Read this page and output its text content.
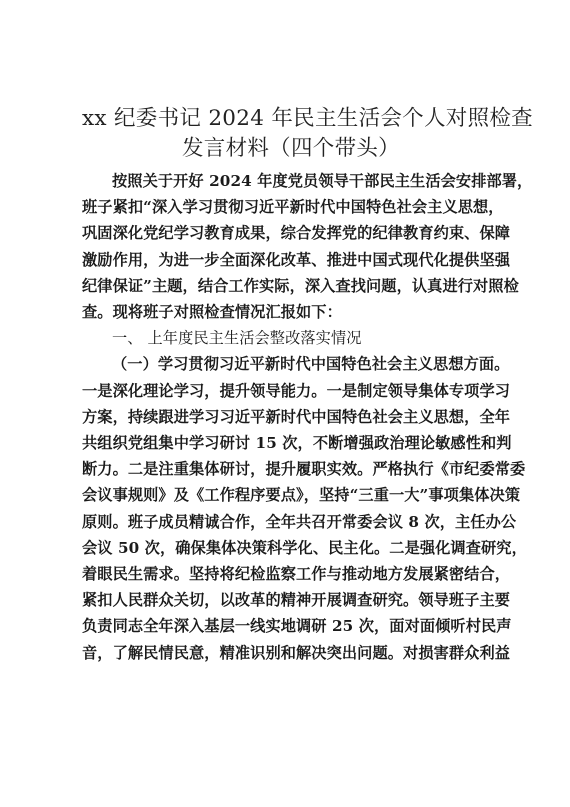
xx 纪委书记 2024 年民主生活会个人对照检查
发言材料（四个带头）
按照关于开好 2024 年度党员领导干部民主生活会安排部署，
班子紧扣“深入学习贯彻习近平新时代中国特色社会主义思想，
巩固深化党纪学习教育成果，综合发挥党的纪律教育约束、保障
激励作用，为进一步全面深化改革、推进中国式现代化提供坚强
纪律保证”主题，结合工作实际，深入查找问题，认真进行对照检
查。现将班子对照检查情况汇报如下：
一、 上年度民主生活会整改落实情况
（一）学习贯彻习近平新时代中国特色社会主义思想方面。
一是深化理论学习，提升领导能力。一是制定领导集体专项学习
方案，持续跟进学习习近平新时代中国特色社会主义思想，全年
共组织党组集中学习研讨 15 次，不断增强政治理论敏感性和判
断力。二是注重集体研讨，提升履职实效。严格执行《市纪委常委
会议事规则》及《工作程序要点》，坚持“三重一大”事项集体决策
原则。班子成员精诚合作，全年共召开常委会议 8 次，主任办公
会议 50 次，确保集体决策科学化、民主化。二是强化调查研究，
着眼民生需求。坚持将纪检监察工作与推动地方发展紧密结合，
紧扣人民群众关切，以改革的精神开展调查研究。领导班子主要
负责同志全年深入基层一线实地调研 25 次，面对面倾听村民声
音，了解民情民意，精准识别和解决突出问题。对损害群众利益
